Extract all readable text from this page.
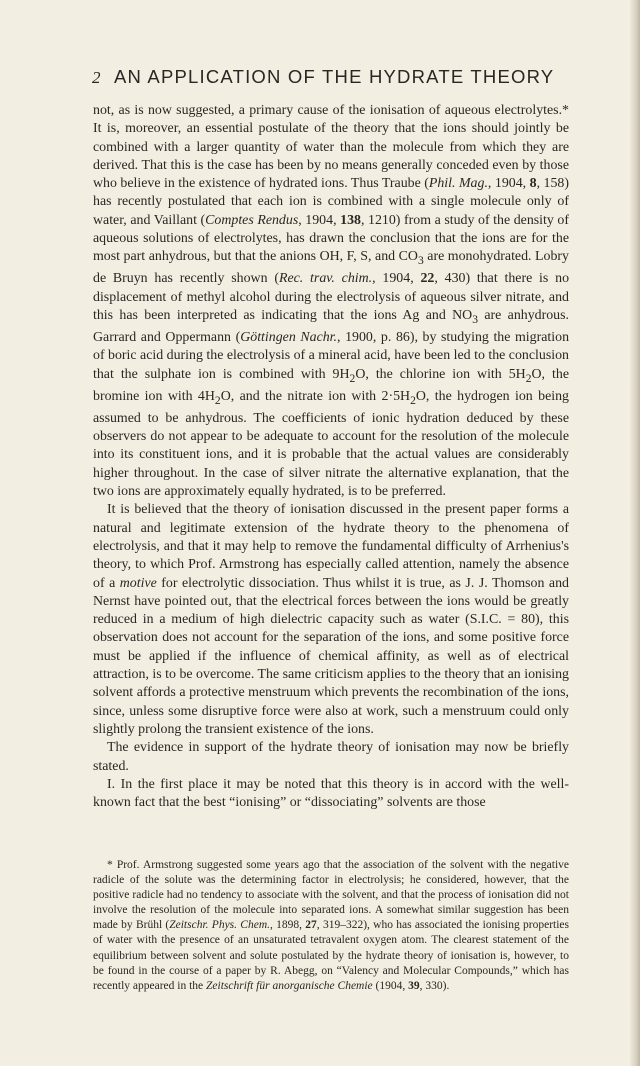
2 AN APPLICATION OF THE HYDRATE THEORY

not, as is now suggested, a primary cause of the ionisation of aqueous electrolytes.* It is, moreover, an essential postulate of the theory that the ions should jointly be combined with a larger quantity of water than the molecule from which they are derived. That this is the case has been by no means generally conceded even by those who believe in the existence of hydrated ions. Thus Traube (Phil. Mag., 1904, 8, 158) has recently postulated that each ion is combined with a single molecule only of water, and Vaillant (Comptes Rendus, 1904, 138, 1210) from a study of the density of aqueous solutions of electrolytes, has drawn the conclusion that the ions are for the most part anhydrous, but that the anions OH, F, S, and $CO_3$ are monohydrated. Lobry de Bruyn has recently shown (Rec. trav. chim., 1904, 22, 430) that there is no displacement of methyl alcohol during the electrolysis of aqueous silver nitrate, and this has been interpreted as indicating that the ions Ag and $NO_3$ are anhydrous. Garrard and Oppermann (Göttingen Nachr., 1900, p. 86), by studying the migration of boric acid during the electrolysis of a mineral acid, have been led to the conclusion that the sulphate ion is combined with $9H_2O$, the chlorine ion with $5H_2O$, the bromine ion with $4H_2O$, and the nitrate ion with $2\cdot 5H_2O$, the hydrogen ion being assumed to be anhydrous. The coefficients of ionic hydration deduced by these observers do not appear to be adequate to account for the resolution of the molecule into its constituent ions, and it is probable that the actual values are considerably higher throughout. In the case of silver nitrate the alternative explanation, that the two ions are approximately equally hydrated, is to be preferred.

It is believed that the theory of ionisation discussed in the present paper forms a natural and legitimate extension of the hydrate theory to the phenomena of electrolysis, and that it may help to remove the fundamental difficulty of Arrhenius's theory, to which Prof. Armstrong has especially called attention, namely the absence of a motive for electrolytic dissociation. Thus whilst it is true, as J. J. Thomson and Nernst have pointed out, that the electrical forces between the ions would be greatly reduced in a medium of high dielectric capacity such as water (S.I.C. = 80), this observation does not account for the separation of the ions, and some positive force must be applied if the influence of chemical affinity, as well as of electrical attraction, is to be overcome. The same criticism applies to the theory that an ionising solvent affords a protective menstruum which prevents the recombination of the ions, since, unless some disruptive force were also at work, such a menstruum could only slightly prolong the transient existence of the ions.

The evidence in support of the hydrate theory of ionisation may now be briefly stated.

I. In the first place it may be noted that this theory is in accord with the well-known fact that the best “ionising” or “dissociating” solvents are those

* Prof. Armstrong suggested some years ago that the association of the solvent with the negative radicle of the solute was the determining factor in electrolysis; he considered, however, that the positive radicle had no tendency to associate with the solvent, and that the process of ionisation did not involve the resolution of the molecule into separated ions. A somewhat similar suggestion has been made by Brühl (Zeitschr. Phys. Chem., 1898, 27, 319–322), who has associated the ionising properties of water with the presence of an unsaturated tetravalent oxygen atom. The clearest statement of the equilibrium between solvent and solute postulated by the hydrate theory of ionisation is, however, to be found in the course of a paper by R. Abegg, on “Valency and Molecular Compounds,” which has recently appeared in the Zeitschrift für anorganische Chemie (1904, 39, 330).
